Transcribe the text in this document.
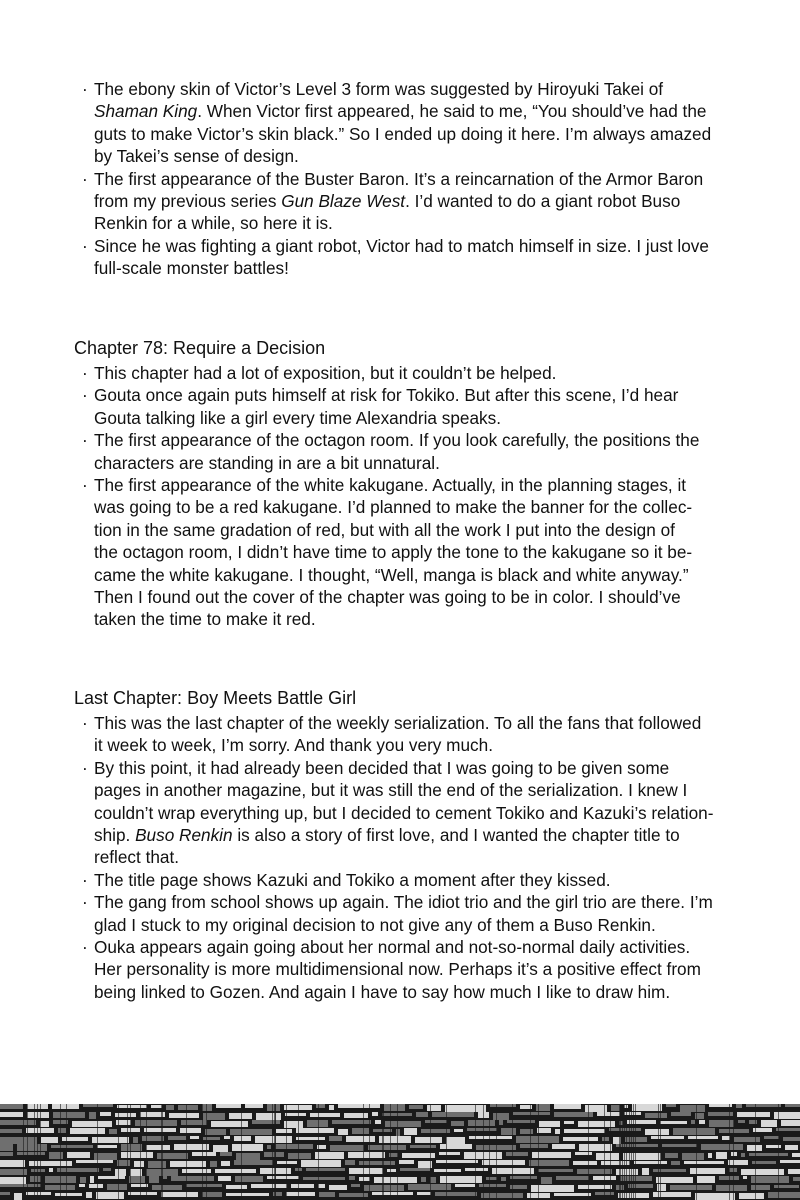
· The ebony skin of Victor’s Level 3 form was suggested by Hiroyuki Takei of
Shaman King. When Victor first appeared, he said to me, “You should’ve had the
guts to make Victor’s skin black.” So I ended up doing it here. I’m always amazed
by Takei’s sense of design.
· The first appearance of the Buster Baron. It’s a reincarnation of the Armor Baron
from my previous series Gun Blaze West. I’d wanted to do a giant robot Buso
Renkin for a while, so here it is.
· Since he was fighting a giant robot, Victor had to match himself in size. I just love
full-scale monster battles!
Chapter 78: Require a Decision
· This chapter had a lot of exposition, but it couldn’t be helped.
· Gouta once again puts himself at risk for Tokiko. But after this scene, I’d hear
Gouta talking like a girl every time Alexandria speaks.
· The first appearance of the octagon room. If you look carefully, the positions the
characters are standing in are a bit unnatural.
· The first appearance of the white kakugane. Actually, in the planning stages, it
was going to be a red kakugane. I’d planned to make the banner for the collec-
tion in the same gradation of red, but with all the work I put into the design of
the octagon room, I didn’t have time to apply the tone to the kakugane so it be-
came the white kakugane. I thought, “Well, manga is black and white anyway.”
Then I found out the cover of the chapter was going to be in color. I should’ve
taken the time to make it red.
Last Chapter: Boy Meets Battle Girl
· This was the last chapter of the weekly serialization. To all the fans that followed
it week to week, I’m sorry. And thank you very much.
· By this point, it had already been decided that I was going to be given some
pages in another magazine, but it was still the end of the serialization. I knew I
couldn’t wrap everything up, but I decided to cement Tokiko and Kazuki’s relation-
ship. Buso Renkin is also a story of first love, and I wanted the chapter title to
reflect that.
· The title page shows Kazuki and Tokiko a moment after they kissed.
· The gang from school shows up again. The idiot trio and the girl trio are there. I’m
glad I stuck to my original decision to not give any of them a Buso Renkin.
· Ouka appears again going about her normal and not-so-normal daily activities.
Her personality is more multidimensional now. Perhaps it’s a positive effect from
being linked to Gozen. And again I have to say how much I like to draw him.
